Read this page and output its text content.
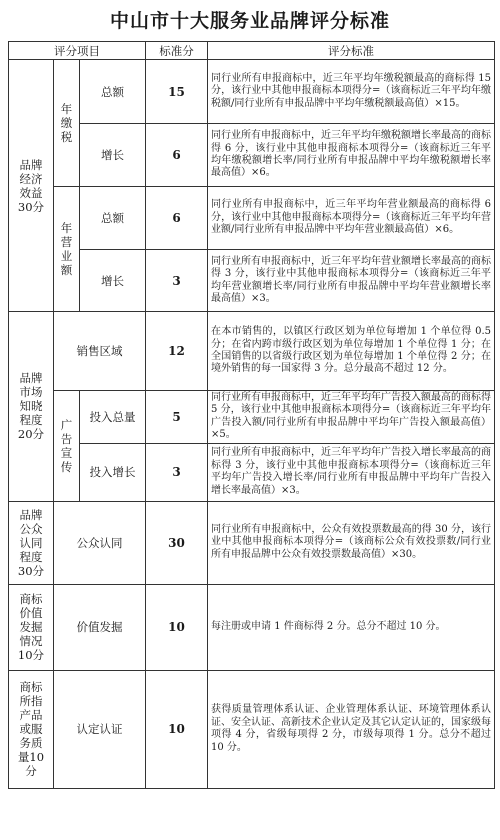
中山市十大服务业品牌评分标准
评分项目			标准分	评分标准

品牌经济效益30分	年缴税	总额	15	同行业所有申报商标中，近三年平均年缴税额最高的商标得 15 分，该行业中其他申报商标本项得分=（该商标近三年平均年缴税额/同行业所有申报品牌中平均年缴税额最高值）×15。
		增长	6	同行业所有申报商标中，近三年平均年缴税额增长率最高的商标得 6 分，该行业中其他申报商标本项得分=（该商标近三年平均年缴税额增长率/同行业所有申报品牌中平均年缴税额增长率最高值）×6。

	年营业额	总额	6	同行业所有申报商标中，近三年平均年营业额最高的商标得 6 分，该行业中其他申报商标本项得分=（该商标近三年平均年营业额/同行业所有申报品牌中平均年营业额最高值）×6。
		增长	3	同行业所有申报商标中，近三年平均年营业额增长率最高的商标得 3 分，该行业中其他申报商标本项得分=（该商标近三年平均年营业额增长率/同行业所有申报品牌中平均年营业额增长率最高值）×3。

品牌市场知晓程度20分	销售区域		12	在本市销售的，以镇区行政区划为单位每增加 1 个单位得 0.5 分；在省内跨市级行政区划为单位每增加 1 个单位得 1 分；在全国销售的以省级行政区划为单位每增加 1 个单位得 2 分；在境外销售的每一国家得 3 分。总分最高不超过 12 分。

	广告宣传	投入总量	5	同行业所有申报商标中，近三年平均年广告投入额最高的商标得 5 分，该行业中其他申报商标本项得分=（该商标近三年平均年广告投入额/同行业所有申报品牌中平均年广告投入额最高值）×5。
		投入增长	3	同行业所有申报商标中，近三年平均年广告投入增长率最高的商标得 3 分，该行业中其他申报商标本项得分=（该商标近三年平均年广告投入增长率/同行业所有申报品牌中平均年广告投入增长率最高值）×3。

品牌公众认同程度30分	公众认同		30	同行业所有申报商标中，公众有效投票数最高的得 30 分，该行业中其他申报商标本项得分=（该商标公众有效投票数/同行业所有申报品牌中公众有效投票数最高值）×30。

商标价值发掘情况10分	价值发掘		10	每注册或申请 1 件商标得 2 分。总分不超过 10 分。

商标所指产品或服务质量10分	认定认证		10	获得质量管理体系认证、企业管理体系认证、环境管理体系认证、安全认证、高新技术企业认定及其它认定认证的，国家级每项得 4 分，省级每项得 2 分，市级每项得 1 分。总分不超过 10 分。
